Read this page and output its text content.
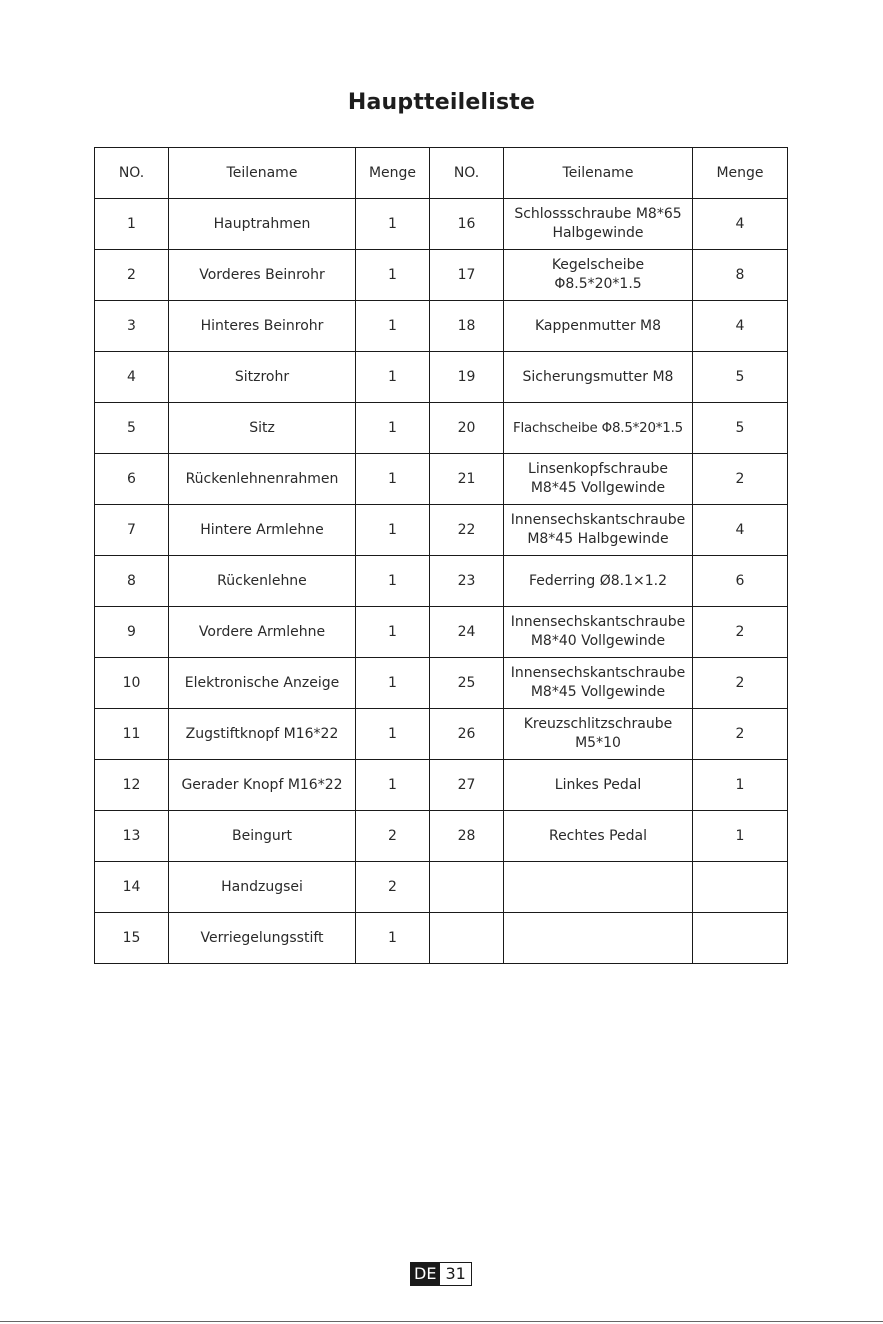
Hauptteileliste
NO.	Teilename	Menge	NO.	Teilename	Menge
1	Hauptrahmen	1	16	Schlossschraube M8*65
Halbgewinde	4
2	Vorderes Beinrohr	1	17	Kegelscheibe
Φ8.5*20*1.5	8
3	Hinteres Beinrohr	1	18	Kappenmutter M8	4
4	Sitzrohr	1	19	Sicherungsmutter M8	5
5	Sitz	1	20	Flachscheibe Φ8.5*20*1.5	5
6	Rückenlehnenrahmen	1	21	Linsenkopfschraube
M8*45 Vollgewinde	2
7	Hintere Armlehne	1	22	Innensechskantschraube
M8*45 Halbgewinde	4
8	Rückenlehne	1	23	Federring Ø8.1×1.2	6
9	Vordere Armlehne	1	24	Innensechskantschraube
M8*40 Vollgewinde	2
10	Elektronische Anzeige	1	25	Innensechskantschraube
M8*45 Vollgewinde	2
11	Zugstiftknopf M16*22	1	26	Kreuzschlitzschraube
M5*10	2
12	Gerader Knopf M16*22	1	27	Linkes Pedal	1
13	Beingurt	2	28	Rechtes Pedal	1
14	Handzugsei	2			
15	Verriegelungsstift	1			
DE 31
